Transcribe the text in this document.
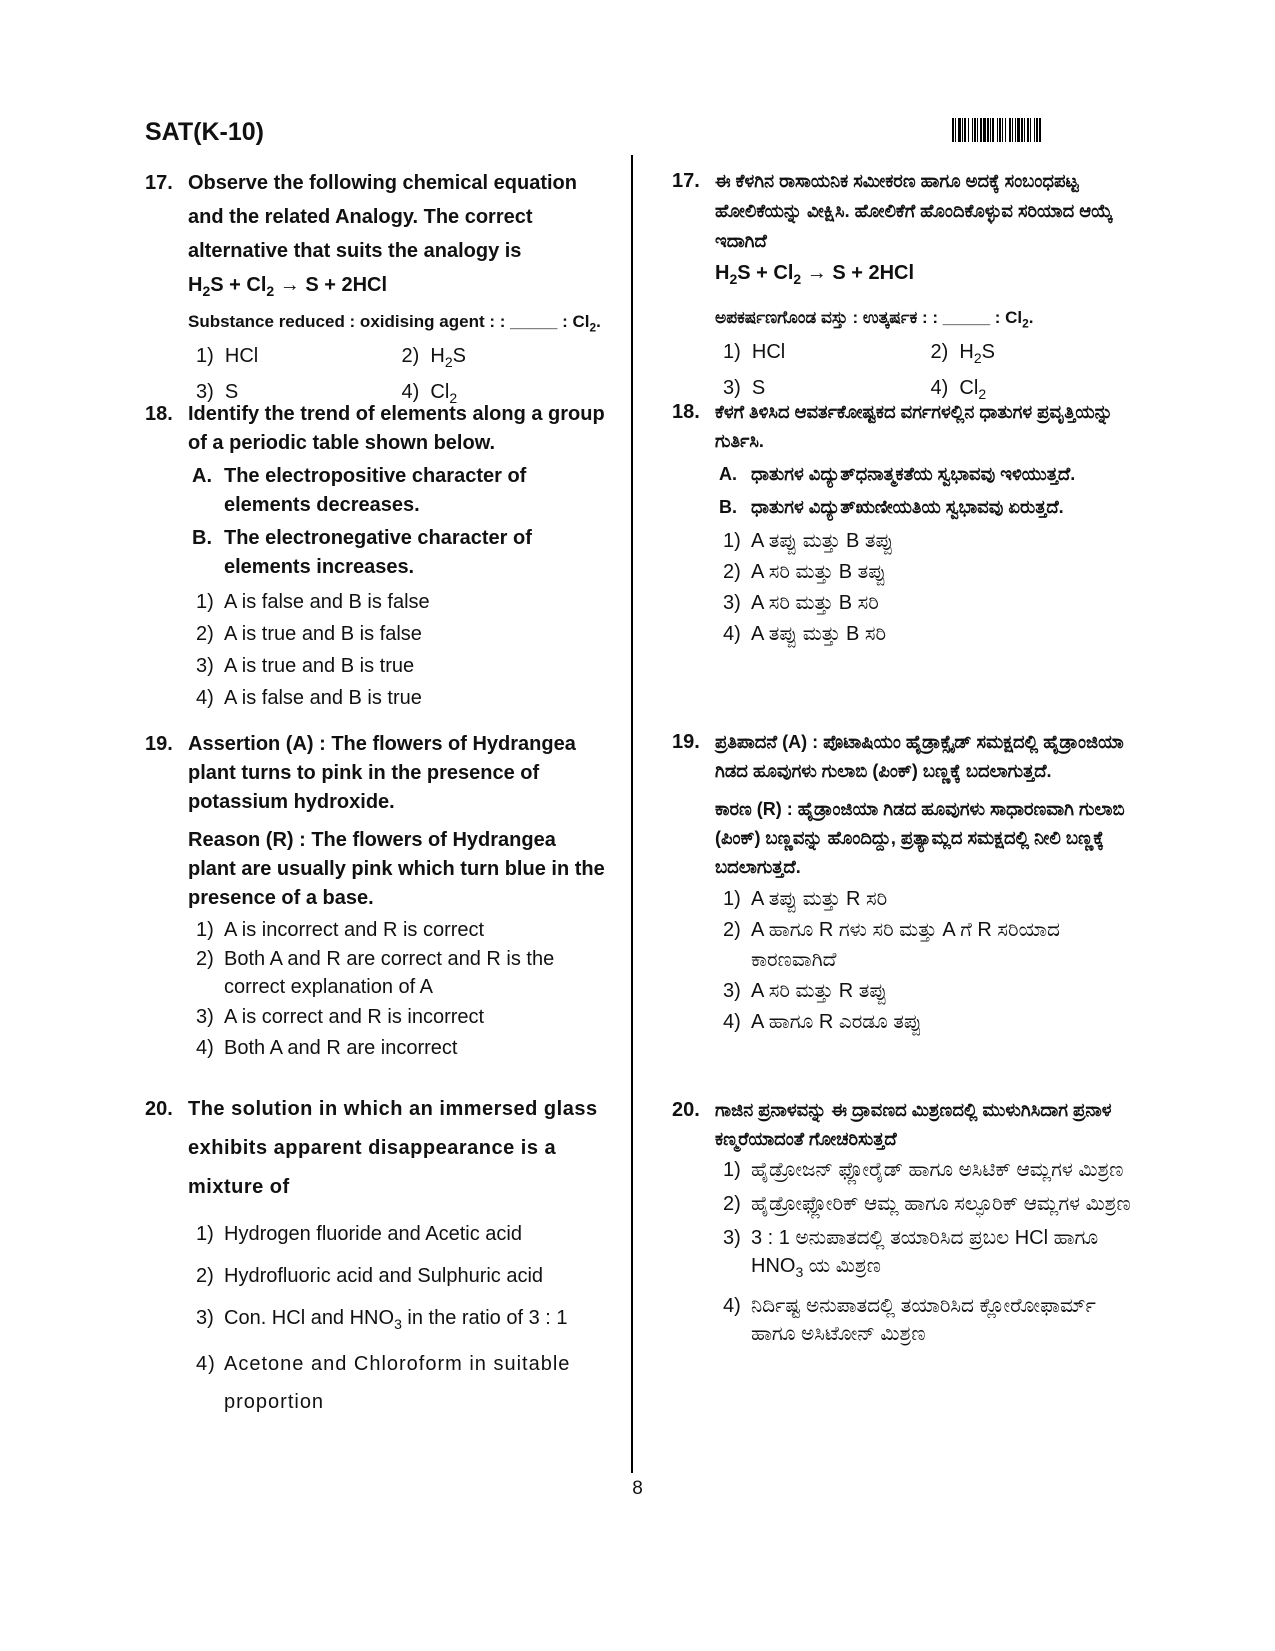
SAT(K-10)
17. Observe the following chemical equation and the related Analogy. The correct alternative that suits the analogy is
$H_2S + Cl_2 \to S + 2HCl$
Substance reduced : oxidising agent : : _____ : $Cl_2$.
1) HCl	2) $H_2S$
3) S	4) $Cl_2$
18. Identify the trend of elements along a group of a periodic table shown below.
A. The electropositive character of elements decreases.
B. The electronegative character of elements increases.
1) A is false and B is false
2) A is true and B is false
3) A is true and B is true
4) A is false and B is true
19. Assertion (A) : The flowers of Hydrangea plant turns to pink in the presence of potassium hydroxide.
Reason (R) : The flowers of Hydrangea plant are usually pink which turn blue in the presence of a base.
1) A is incorrect and R is correct
2) Both A and R are correct and R is the correct explanation of A
3) A is correct and R is incorrect
4) Both A and R are incorrect
20. The solution in which an immersed glass exhibits apparent disappearance is a mixture of
1) Hydrogen fluoride and Acetic acid
2) Hydrofluoric acid and Sulphuric acid
3) Con. HCl and $HNO_3$ in the ratio of 3 : 1
4) Acetone and Chloroform in suitable proportion
17. ಈ ಕೆಳಗಿನ ರಾಸಾಯನಿಕ ಸಮೀಕರಣ ಹಾಗೂ ಅದಕ್ಕೆ ಸಂಬಂಧಪಟ್ಟ ಹೋಲಿಕೆಯನ್ನು ವೀಕ್ಷಿಸಿ. ಹೋಲಿಕೆಗೆ ಹೊಂದಿಕೊಳ್ಳುವ ಸರಿಯಾದ ಆಯ್ಕೆ ಇದಾಗಿದೆ
$H_2S + Cl_2 \to S + 2HCl$
ಅಪಕರ್ಷಣಗೊಂಡ ವಸ್ತು : ಉತ್ಕರ್ಷಕ : : _____ : $Cl_2$.
1) HCl	2) $H_2S$
3) S	4) $Cl_2$
18. ಕೆಳಗೆ ತಿಳಿಸಿದ ಆವರ್ತಕೋಷ್ಟಕದ ವರ್ಗಗಳಲ್ಲಿನ ಧಾತುಗಳ ಪ್ರವೃತ್ತಿಯನ್ನು ಗುರ್ತಿಸಿ.
A. ಧಾತುಗಳ ವಿದ್ಯುತ್‌ಧನಾತ್ಮಕತೆಯ ಸ್ವಭಾವವು ಇಳಿಯುತ್ತದೆ.
B. ಧಾತುಗಳ ವಿದ್ಯುತ್‌ಋಣೀಯತಿಯ ಸ್ವಭಾವವು ಏರುತ್ತದೆ.
1) A ತಪ್ಪು ಮತ್ತು B ತಪ್ಪು
2) A ಸರಿ ಮತ್ತು B ತಪ್ಪು
3) A ಸರಿ ಮತ್ತು B ಸರಿ
4) A ತಪ್ಪು ಮತ್ತು B ಸರಿ
19. ಪ್ರತಿಪಾದನೆ (A) : ಪೊಟಾಷಿಯಂ ಹೈಡ್ರಾಕ್ಸೈಡ್ ಸಮಕ್ಷದಲ್ಲಿ ಹೈಡ್ರಾಂಜಿಯಾ ಗಿಡದ ಹೂವುಗಳು ಗುಲಾಬಿ (ಪಿಂಕ್) ಬಣ್ಣಕ್ಕೆ ಬದಲಾಗುತ್ತದೆ.
ಕಾರಣ (R) : ಹೈಡ್ರಾಂಜಿಯಾ ಗಿಡದ ಹೂವುಗಳು ಸಾಧಾರಣವಾಗಿ ಗುಲಾಬಿ (ಪಿಂಕ್) ಬಣ್ಣವನ್ನು ಹೊಂದಿದ್ದು, ಪ್ರತ್ಯಾಮ್ಲದ ಸಮಕ್ಷದಲ್ಲಿ ನೀಲಿ ಬಣ್ಣಕ್ಕೆ ಬದಲಾಗುತ್ತದೆ.
1) A ತಪ್ಪು ಮತ್ತು R ಸರಿ
2) A ಹಾಗೂ R ಗಳು ಸರಿ ಮತ್ತು A ಗೆ R ಸರಿಯಾದ ಕಾರಣವಾಗಿದೆ
3) A ಸರಿ ಮತ್ತು R ತಪ್ಪು
4) A ಹಾಗೂ R ಎರಡೂ ತಪ್ಪು
20. ಗಾಜಿನ ಪ್ರನಾಳವನ್ನು ಈ ದ್ರಾವಣದ ಮಿಶ್ರಣದಲ್ಲಿ ಮುಳುಗಿಸಿದಾಗ ಪ್ರನಾಳ ಕಣ್ಮರೆಯಾದಂತೆ ಗೋಚರಿಸುತ್ತದೆ
1) ಹೈಡ್ರೋಜನ್ ಫ್ಲೋರೈಡ್ ಹಾಗೂ ಅಸಿಟಿಕ್ ಆಮ್ಲಗಳ ಮಿಶ್ರಣ
2) ಹೈಡ್ರೋಫ್ಲೋರಿಕ್ ಆಮ್ಲ ಹಾಗೂ ಸಲ್ಫೂರಿಕ್ ಆಮ್ಲಗಳ ಮಿಶ್ರಣ
3) 3 : 1 ಅನುಪಾತದಲ್ಲಿ ತಯಾರಿಸಿದ ಪ್ರಬಲ HCl ಹಾಗೂ $HNO_3$ ಯ ಮಿಶ್ರಣ
4) ನಿರ್ದಿಷ್ಟ ಅನುಪಾತದಲ್ಲಿ ತಯಾರಿಸಿದ ಕ್ಲೋರೋಫಾರ್ಮ್ ಹಾಗೂ ಅಸಿಟೋನ್ ಮಿಶ್ರಣ
8
